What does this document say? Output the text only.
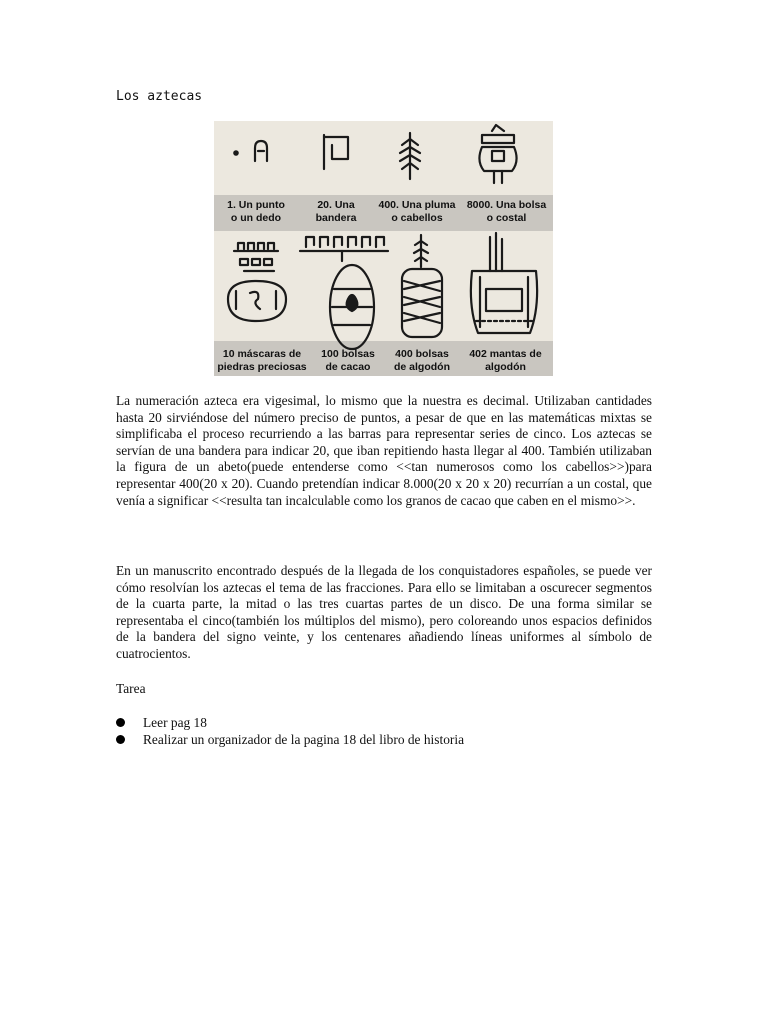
Los aztecas
1. Un punto
o un dedo
20. Una
bandera
400. Una pluma
o cabellos
8000. Una bolsa
o costal
10 máscaras de
piedras preciosas
100 bolsas
de cacao
400 bolsas
de algodón
402 mantas de
algodón

La numeración azteca era vigesimal, lo mismo que la nuestra es decimal. Utilizaban cantidades hasta 20 sirviéndose del número preciso de puntos, a pesar de que en las matemáticas mixtas se simplificaba el proceso recurriendo a las barras para representar series de cinco. Los aztecas se servían de una bandera para indicar 20, que iban repitiendo hasta llegar al 400. También utilizaban la figura de un abeto(puede entenderse como <<tan numerosos como los cabellos>>)para representar 400(20 x 20). Cuando pretendían indicar 8.000(20 x 20 x 20) recurrían a un costal, que venía a significar <<resulta tan incalculable como los granos de cacao que caben en el mismo>>.

En un manuscrito encontrado después de la llegada de los conquistadores españoles, se puede ver cómo resolvían los aztecas el tema de las fracciones. Para ello se limitaban a oscurecer segmentos de la cuarta parte, la mitad o las tres cuartas partes de un disco. De una forma similar se representaba el cinco(también los múltiplos del mismo), pero coloreando unos espacios definidos de la bandera del signo veinte, y los centenares añadiendo líneas uniformes al símbolo de cuatrocientos.

Tarea
Leer pag 18
Realizar un organizador de la pagina 18 del libro de historia
